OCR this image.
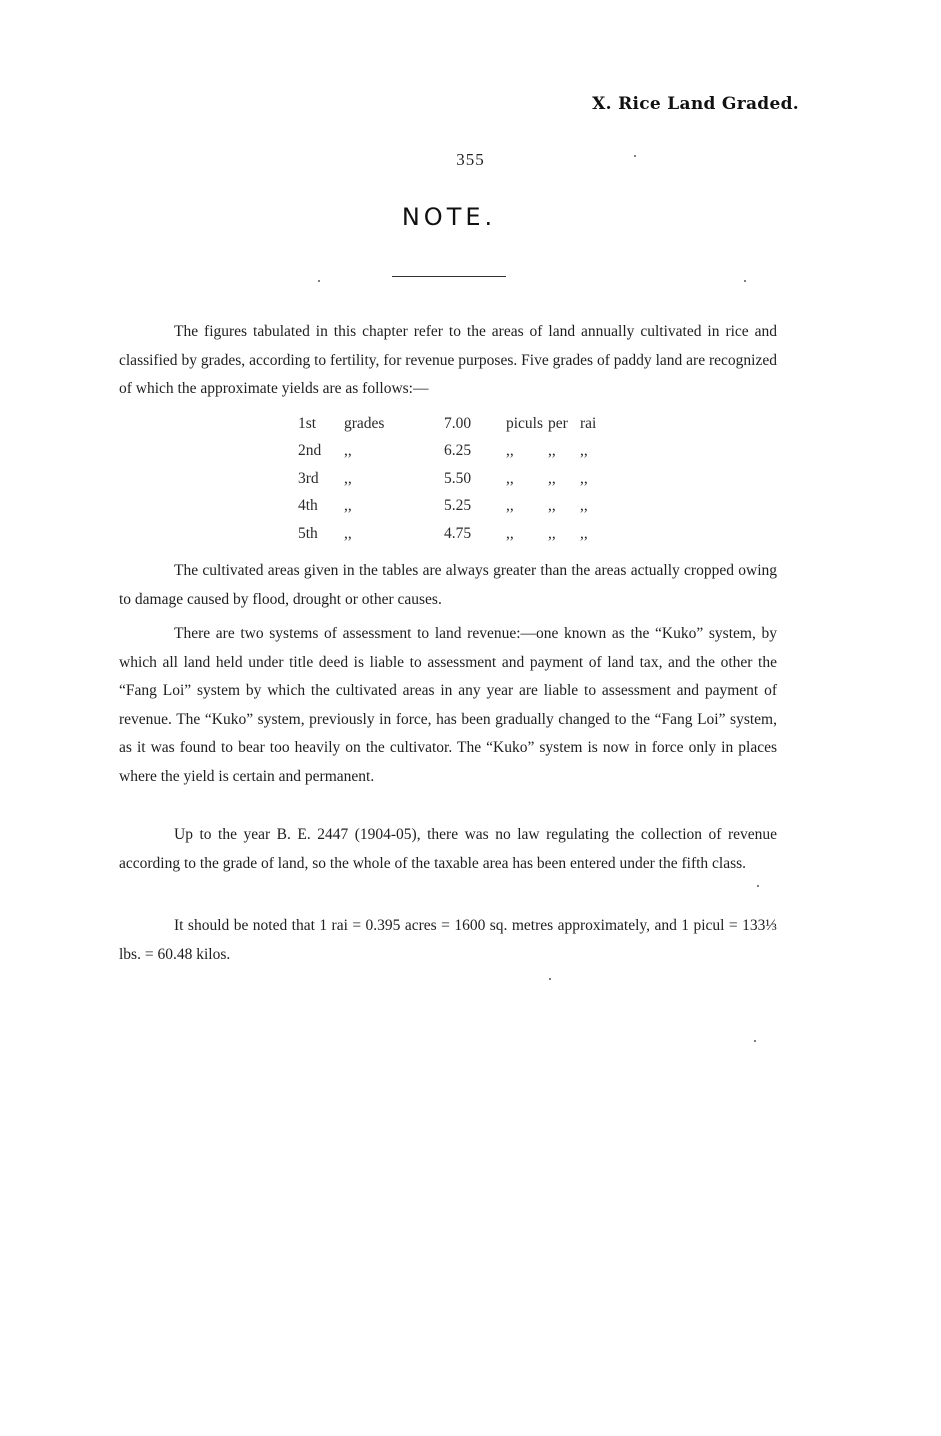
X. Rice Land Graded.
355
NOTE.

The figures tabulated in this chapter refer to the areas of land annually cultivated in rice and classified by grades, according to fertility, for revenue purposes. Five grades of paddy land are recognized of which the approximate yields are as follows:—

1st	grades	7.00	piculs	per	rai
2nd	,,	6.25	,,	,,	,,
3rd	,,	5.50	,,	,,	,,
4th	,,	5.25	,,	,,	,,
5th	,,	4.75	,,	,,	,,

The cultivated areas given in the tables are always greater than the areas actually cropped owing to damage caused by flood, drought or other causes.

There are two systems of assessment to land revenue:—one known as the “Kuko” system, by which all land held under title deed is liable to assessment and payment of land tax, and the other the “Fang Loi” system by which the cultivated areas in any year are liable to assessment and payment of revenue. The “Kuko” system, previously in force, has been gradually changed to the “Fang Loi” system, as it was found to bear too heavily on the cultivator. The “Kuko” system is now in force only in places where the yield is certain and permanent.

Up to the year B. E. 2447 (1904-05), there was no law regulating the collection of revenue according to the grade of land, so the whole of the taxable area has been entered under the fifth class.

It should be noted that 1 rai = 0.395 acres = 1600 sq. metres approximately, and 1 picul = 133⅓ lbs. = 60.48 kilos.
